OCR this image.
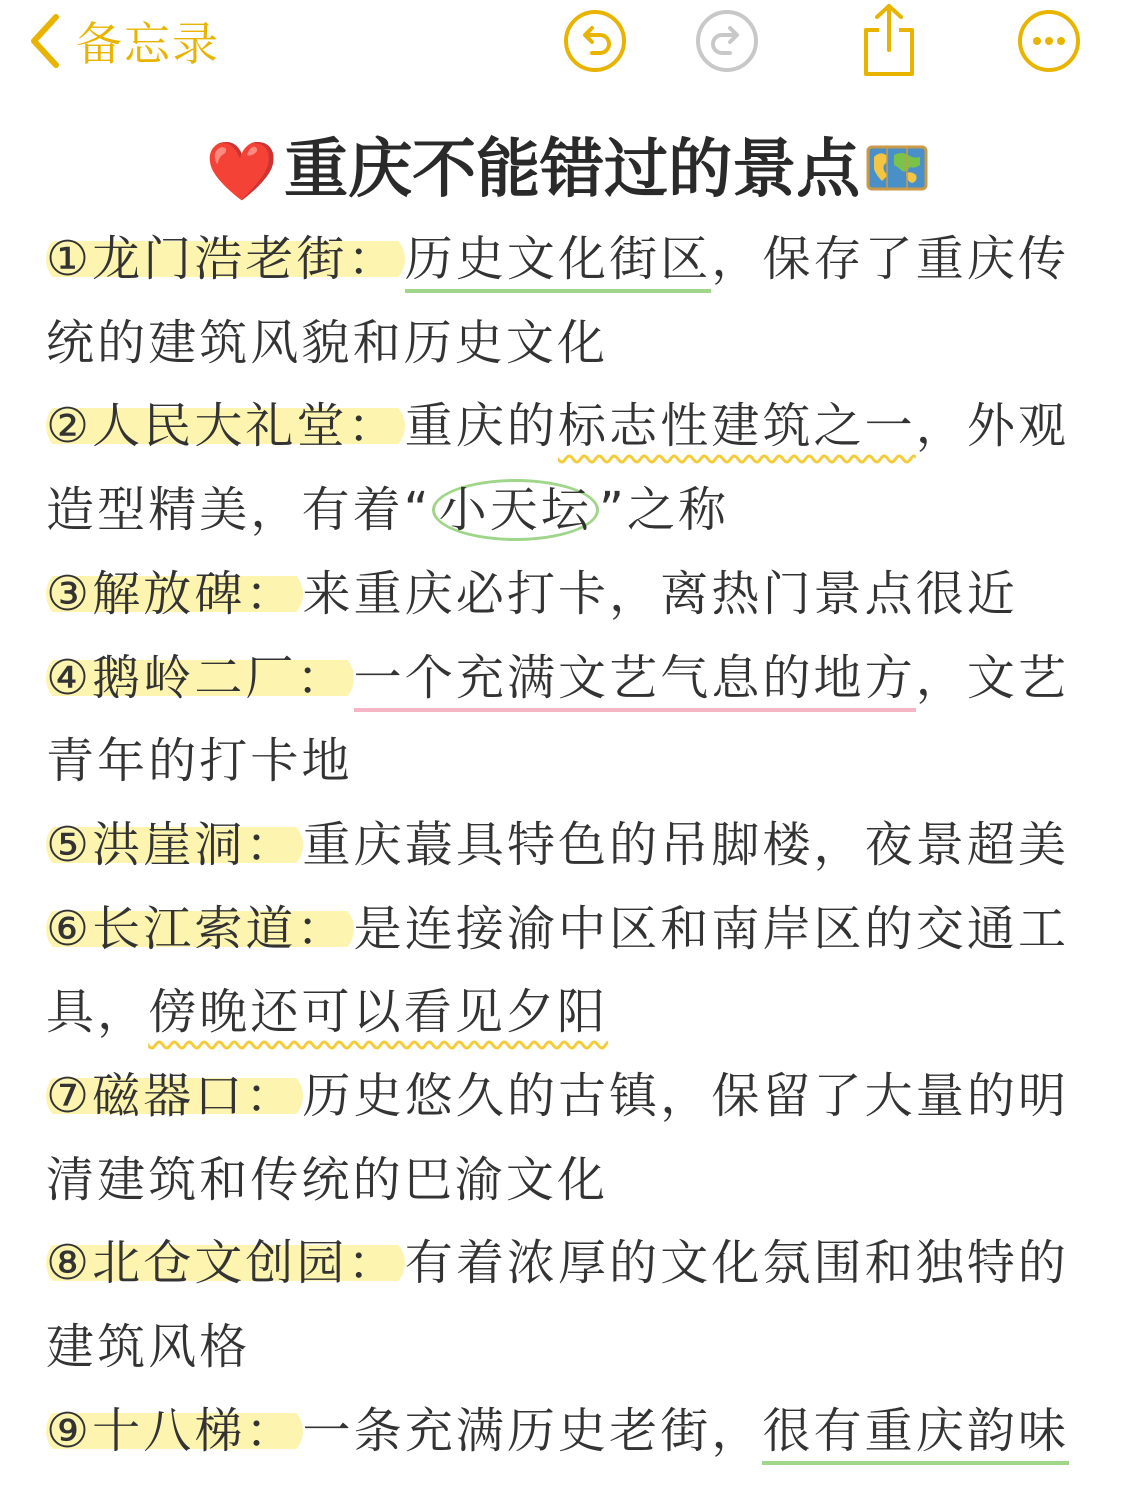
备忘录
❤️重庆不能错过的景点
①龙门浩老街： 历史文化街区，保存了重庆传统的建筑风貌和历史文化
②人民大礼堂： 重庆的标志性建筑之一，外观造型精美，有着“ 小天坛 ”之称
③解放碑： 来重庆必打卡，离热门景点很近
④鹅岭二厂： 一个充满文艺气息的地方，文艺青年的打卡地
⑤洪崖洞： 重庆蕞具特色的吊脚楼，夜景超美
⑥长江索道： 是连接渝中区和南岸区的交通工具，傍晚还可以看见夕阳
⑦磁器口： 历史悠久的古镇，保留了大量的明清建筑和传统的巴渝文化
⑧北仓文创园： 有着浓厚的文化氛围和独特的建筑风格
⑨十八梯： 一条充满历史老街，很有重庆韵味
